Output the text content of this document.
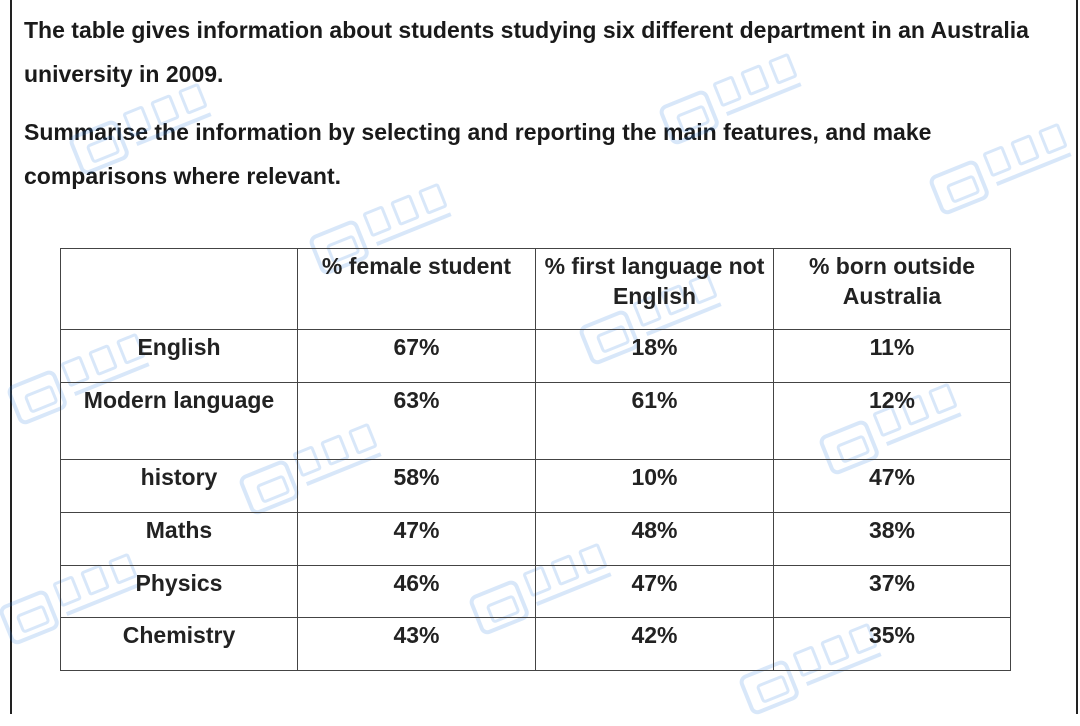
The table gives information about students studying six different department in an Australia university in 2009.

Summarise the information by selecting and reporting the main features, and make comparisons where relevant.

	% female student	% first language not English	% born outside Australia
English	67%	18%	11%
Modern language	63%	61%	12%
history	58%	10%	47%
Maths	47%	48%	38%
Physics	46%	47%	37%
Chemistry	43%	42%	35%
